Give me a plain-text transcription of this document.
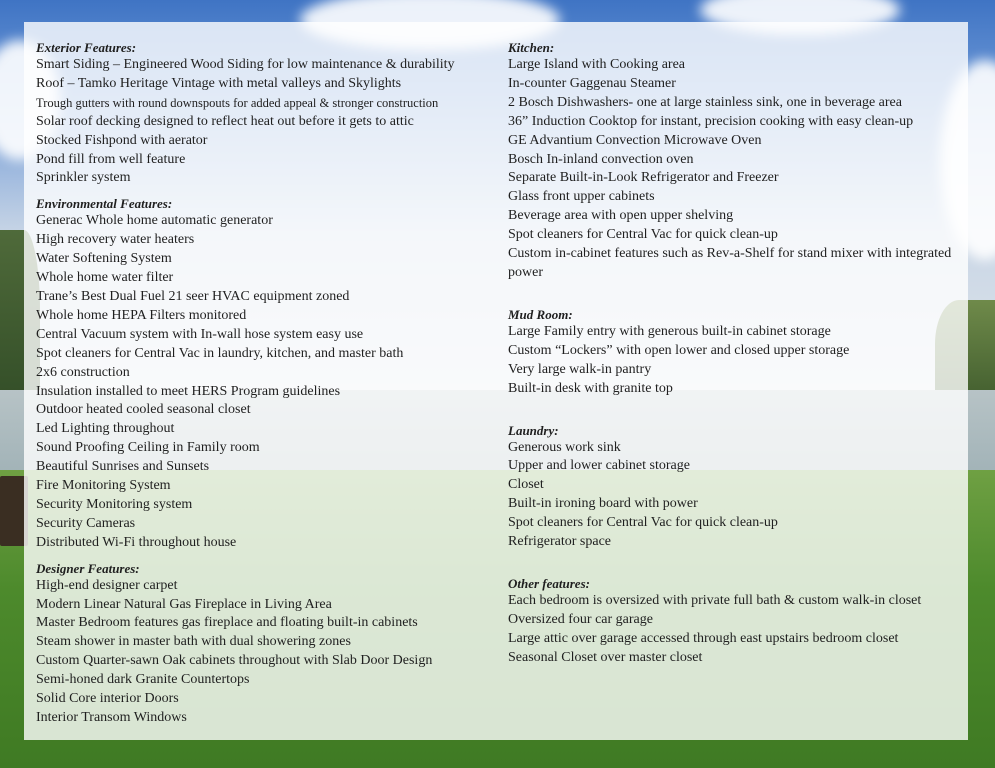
Exterior Features:
Smart Siding – Engineered Wood Siding for low maintenance & durability
Roof – Tamko Heritage Vintage with metal valleys and Skylights
Trough gutters with round downspouts for added appeal & stronger construction
Solar roof decking designed to reflect heat out before it gets to attic
Stocked Fishpond with aerator
Pond fill from well feature
Sprinkler system
Environmental Features:
Generac Whole home automatic generator
High recovery water heaters
Water Softening System
Whole home water filter
Trane’s Best Dual Fuel 21 seer HVAC equipment zoned
Whole home HEPA Filters monitored
Central Vacuum system with In-wall hose system easy use
Spot cleaners for Central Vac in laundry, kitchen, and master bath
2x6 construction
Insulation installed to meet HERS Program guidelines
Outdoor heated cooled seasonal closet
Led Lighting throughout
Sound Proofing Ceiling in Family room
Beautiful Sunrises and Sunsets
Fire Monitoring System
Security Monitoring system
Security Cameras
Distributed Wi-Fi throughout house
Designer Features:
High-end designer carpet
Modern Linear Natural Gas Fireplace in Living Area
Master Bedroom features gas fireplace and floating built-in cabinets
Steam shower in master bath with dual showering zones
Custom Quarter-sawn Oak cabinets throughout with Slab Door Design
Semi-honed dark Granite Countertops
Solid Core interior Doors
Interior Transom Windows
Kitchen:
Large Island with Cooking area
In-counter Gaggenau Steamer
2 Bosch Dishwashers- one at large stainless sink, one in beverage area
36” Induction Cooktop for instant, precision cooking with easy clean-up
GE Advantium Convection Microwave Oven
Bosch In-inland convection oven
Separate Built-in-Look Refrigerator and Freezer
Glass front upper cabinets
Beverage area with open upper shelving
Spot cleaners for Central Vac for quick clean-up
Custom in-cabinet features such as Rev-a-Shelf for stand mixer with integrated power
Mud Room:
Large Family entry with generous built-in cabinet storage
Custom “Lockers” with open lower and closed upper storage
Very large walk-in pantry
Built-in desk with granite top
Laundry:
Generous work sink
Upper and lower cabinet storage
Closet
Built-in ironing board with power
Spot cleaners for Central Vac for quick clean-up
Refrigerator space
Other features:
Each bedroom is oversized with private full bath & custom walk-in closet
Oversized four car garage
Large attic over garage accessed through east upstairs bedroom closet
Seasonal Closet over master closet
